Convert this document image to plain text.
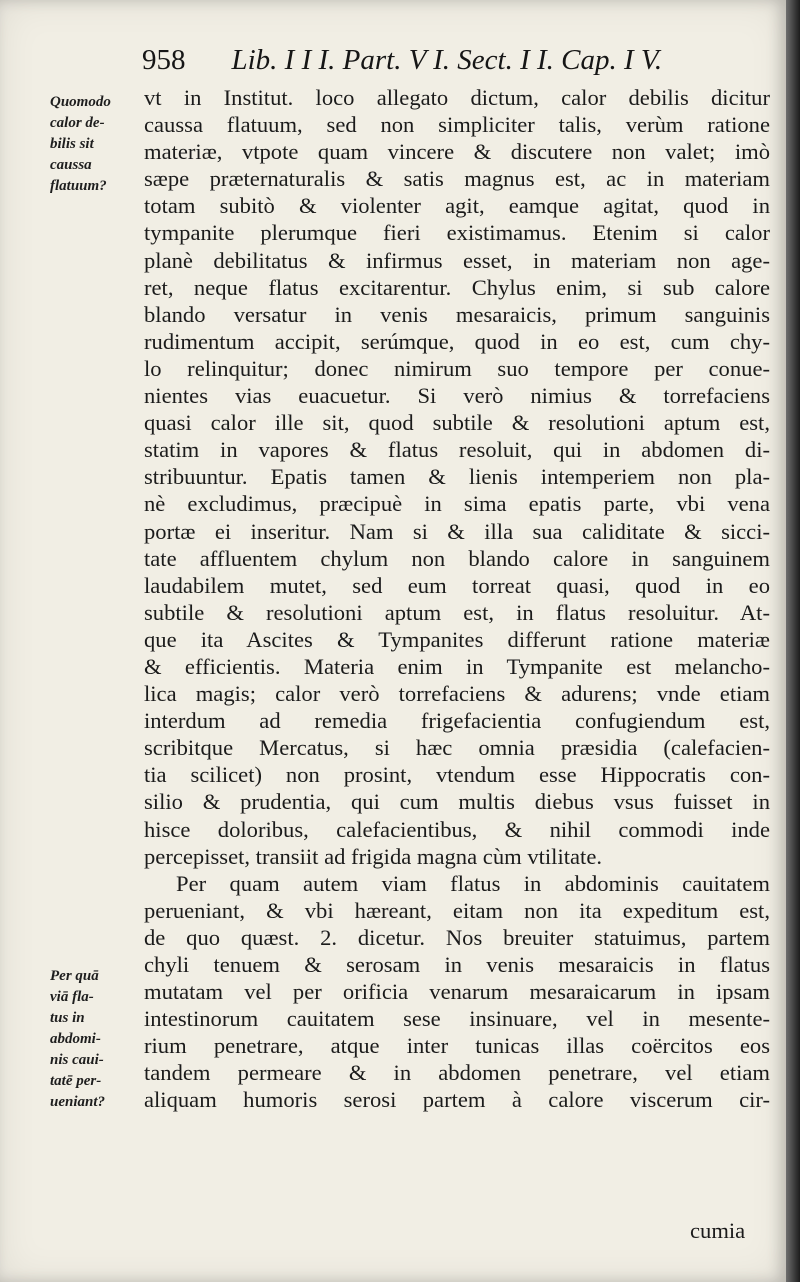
958 Lib. I I I. Part. V I. Sect. I I. Cap. I V.
Quomodo
calor de-
bilis sit
caussa
flatuum?
Per quā
viā fla-
tus in
abdomi-
nis caui-
tatē per-
ueniant?
vt in Institut. loco allegato dictum, calor debilis dicitur
caussa flatuum, sed non simpliciter talis, verùm ratione
materiæ, vtpote quam vincere & discutere non valet; imò
sæpe præternaturalis & satis magnus est, ac in materiam
totam subitò & violenter agit, eamque agitat, quod in
tympanite plerumque fieri existimamus. Etenim si calor
planè debilitatus & infirmus esset, in materiam non age-
ret, neque flatus excitarentur. Chylus enim, si sub calore
blando versatur in venis mesaraicis, primum sanguinis
rudimentum accipit, serúmque, quod in eo est, cum chy-
lo relinquitur; donec nimirum suo tempore per conue-
nientes vias euacuetur. Si verò nimius & torrefaciens
quasi calor ille sit, quod subtile & resolutioni aptum est,
statim in vapores & flatus resoluit, qui in abdomen di-
stribuuntur. Epatis tamen & lienis intemperiem non pla-
nè excludimus, præcipuè in sima epatis parte, vbi vena
portæ ei inseritur. Nam si & illa sua caliditate & sicci-
tate affluentem chylum non blando calore in sanguinem
laudabilem mutet, sed eum torreat quasi, quod in eo
subtile & resolutioni aptum est, in flatus resoluitur. At-
que ita Ascites & Tympanites differunt ratione materiæ
& efficientis. Materia enim in Tympanite est melancho-
lica magis; calor verò torrefaciens & adurens; vnde etiam
interdum ad remedia frigefacientia confugiendum est,
scribitque Mercatus, si hæc omnia præsidia (calefacien-
tia scilicet) non prosint, vtendum esse Hippocratis con-
silio & prudentia, qui cum multis diebus vsus fuisset in
hisce doloribus, calefacientibus, & nihil commodi inde
percepisset, transiit ad frigida magna cùm vtilitate.
Per quam autem viam flatus in abdominis cauitatem
perueniant, & vbi hæreant, eitam non ita expeditum est,
de quo quæst. 2. dicetur. Nos breuiter statuimus, partem
chyli tenuem & serosam in venis mesaraicis in flatus
mutatam vel per orificia venarum mesaraicarum in ipsam
intestinorum cauitatem sese insinuare, vel in mesente-
rium penetrare, atque inter tunicas illas coërcitos eos
tandem permeare & in abdomen penetrare, vel etiam
aliquam humoris serosi partem à calore viscerum cir-
cumia
